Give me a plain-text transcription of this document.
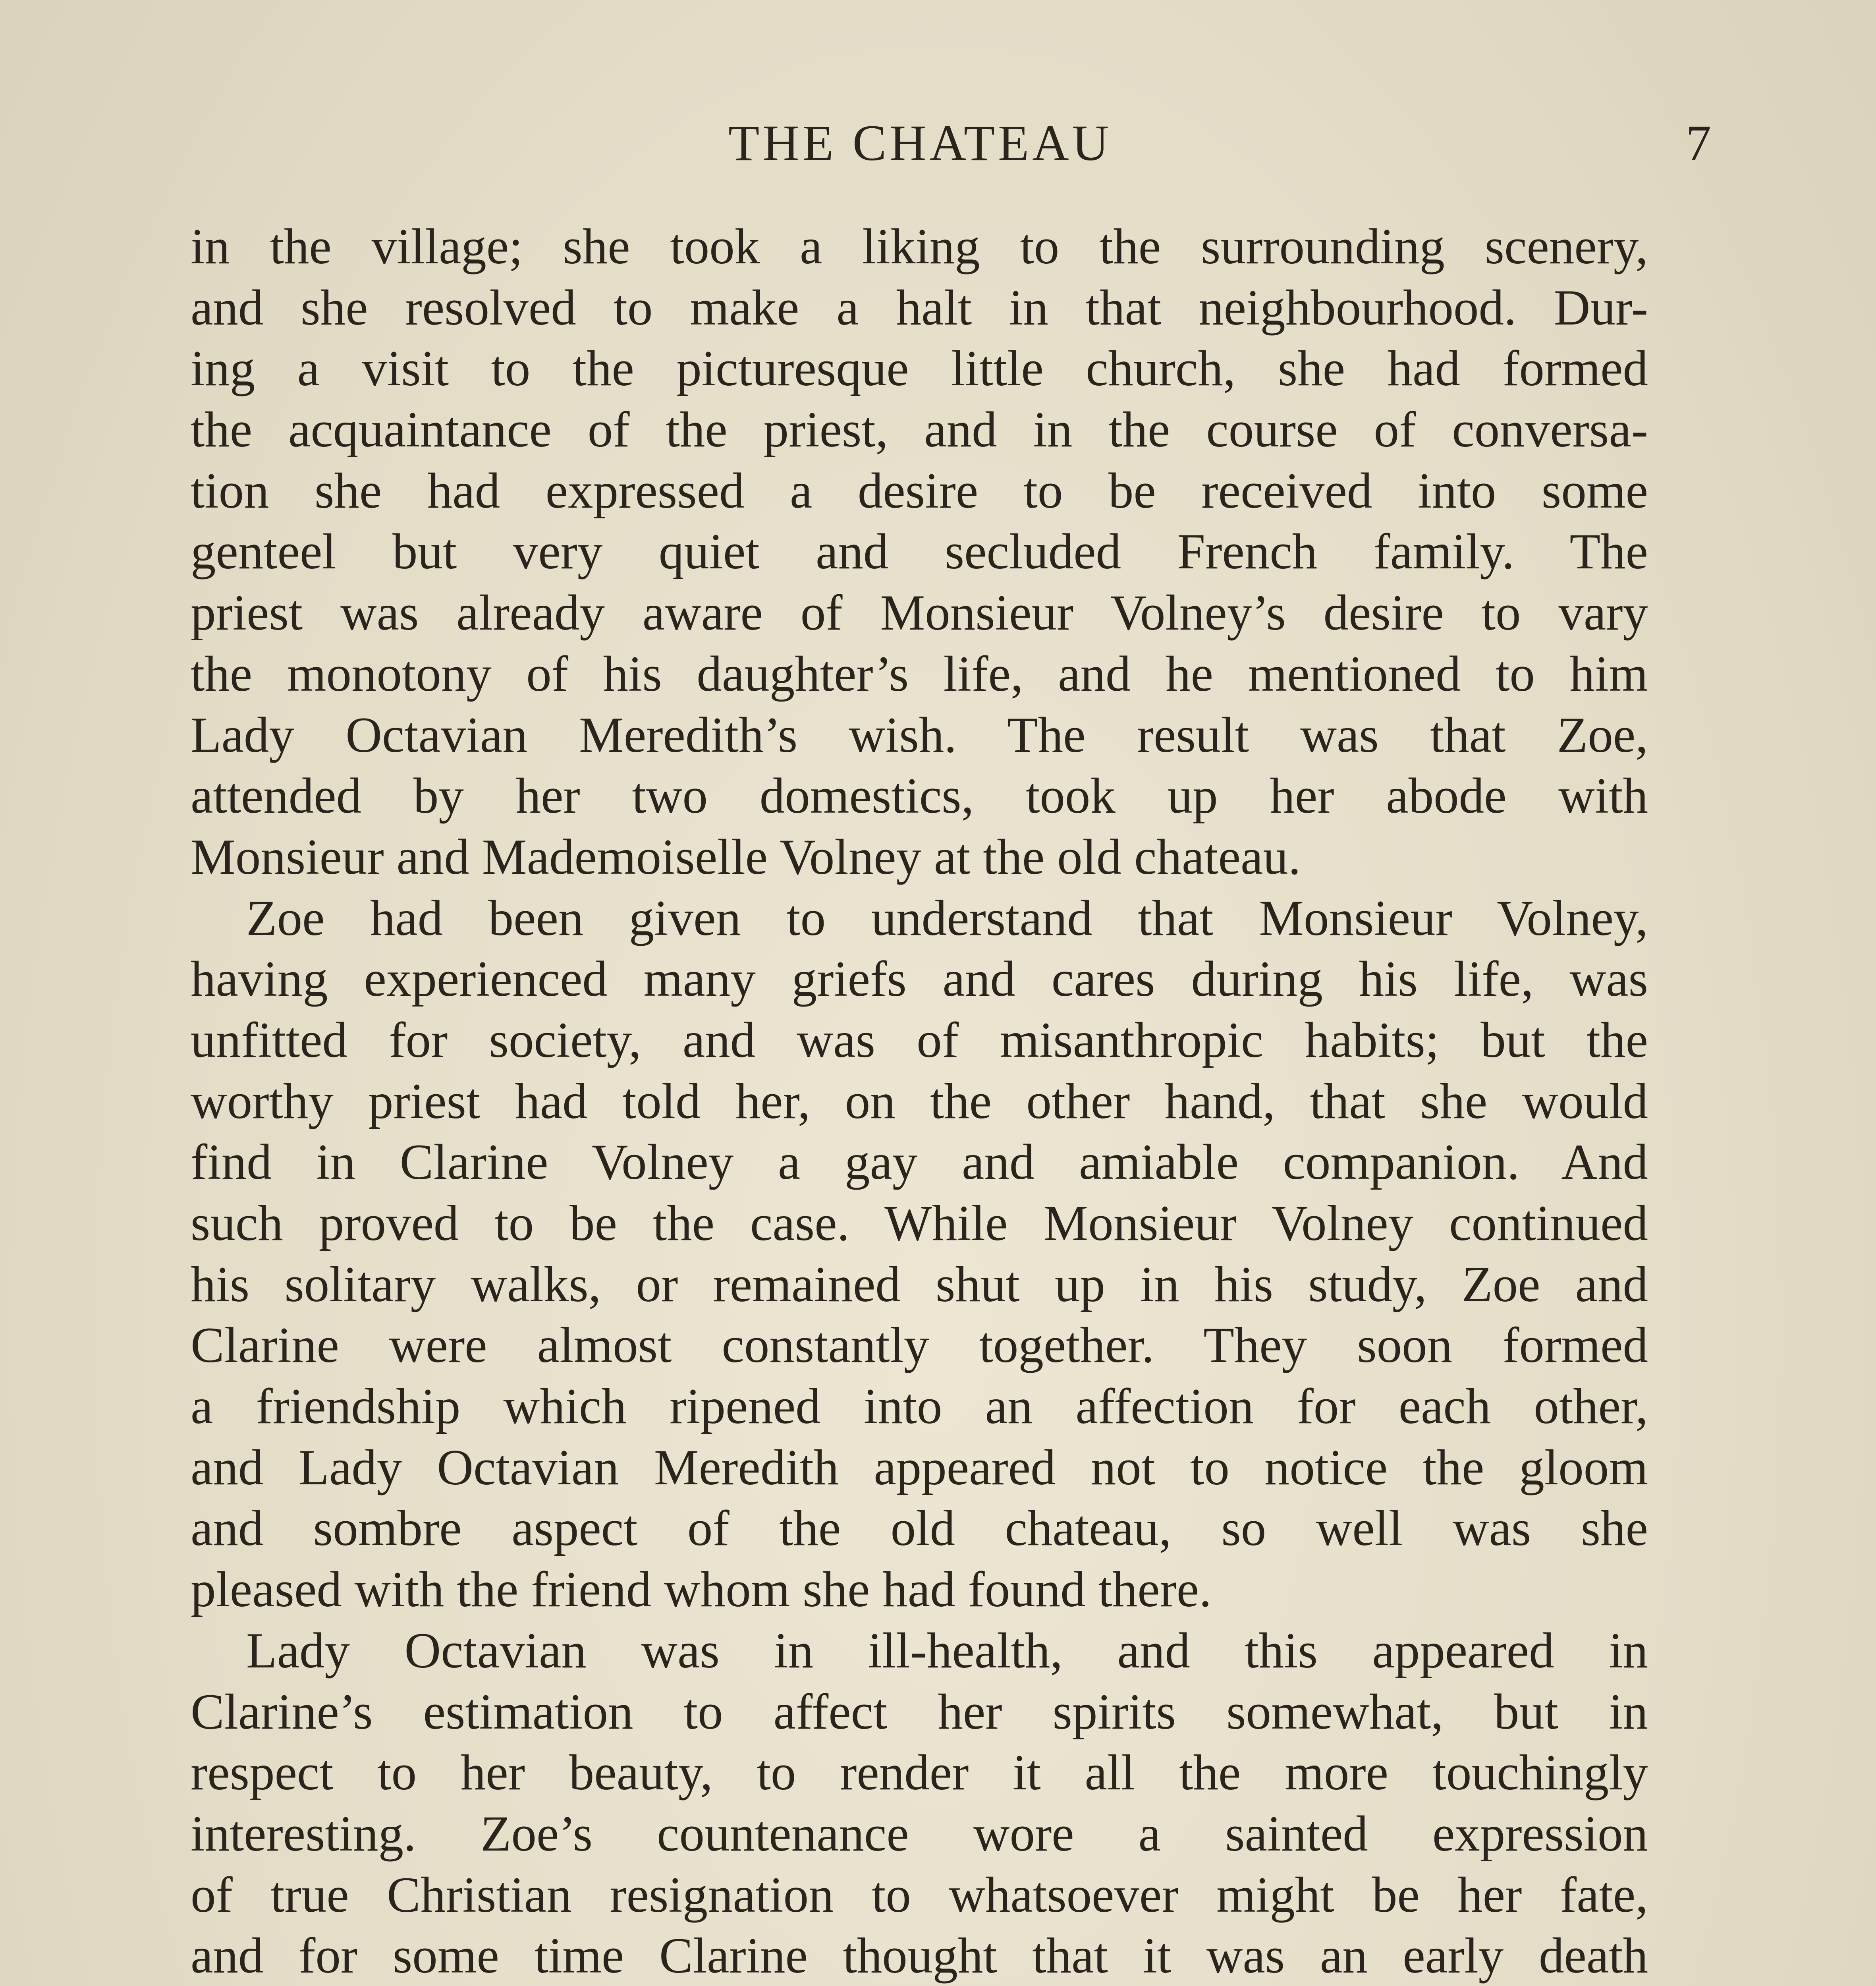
THE CHATEAU	7

in the village; she took a liking to the surrounding scenery,
and she resolved to make a halt in that neighbourhood. Dur-
ing a visit to the picturesque little church, she had formed
the acquaintance of the priest, and in the course of conversa-
tion she had expressed a desire to be received into some
genteel but very quiet and secluded French family. The
priest was already aware of Monsieur Volney’s desire to vary
the monotony of his daughter’s life, and he mentioned to him
Lady Octavian Meredith’s wish. The result was that Zoe,
attended by her two domestics, took up her abode with
Monsieur and Mademoiselle Volney at the old chateau.

Zoe had been given to understand that Monsieur Volney,
having experienced many griefs and cares during his life, was
unfitted for society, and was of misanthropic habits; but the
worthy priest had told her, on the other hand, that she would
find in Clarine Volney a gay and amiable companion. And
such proved to be the case. While Monsieur Volney continued
his solitary walks, or remained shut up in his study, Zoe and
Clarine were almost constantly together. They soon formed
a friendship which ripened into an affection for each other,
and Lady Octavian Meredith appeared not to notice the gloom
and sombre aspect of the old chateau, so well was she
pleased with the friend whom she had found there.

Lady Octavian was in ill-health, and this appeared in
Clarine’s estimation to affect her spirits somewhat, but in
respect to her beauty, to render it all the more touchingly
interesting. Zoe’s countenance wore a sainted expression
of true Christian resignation to whatsoever might be her fate,
and for some time Clarine thought that it was an early death
